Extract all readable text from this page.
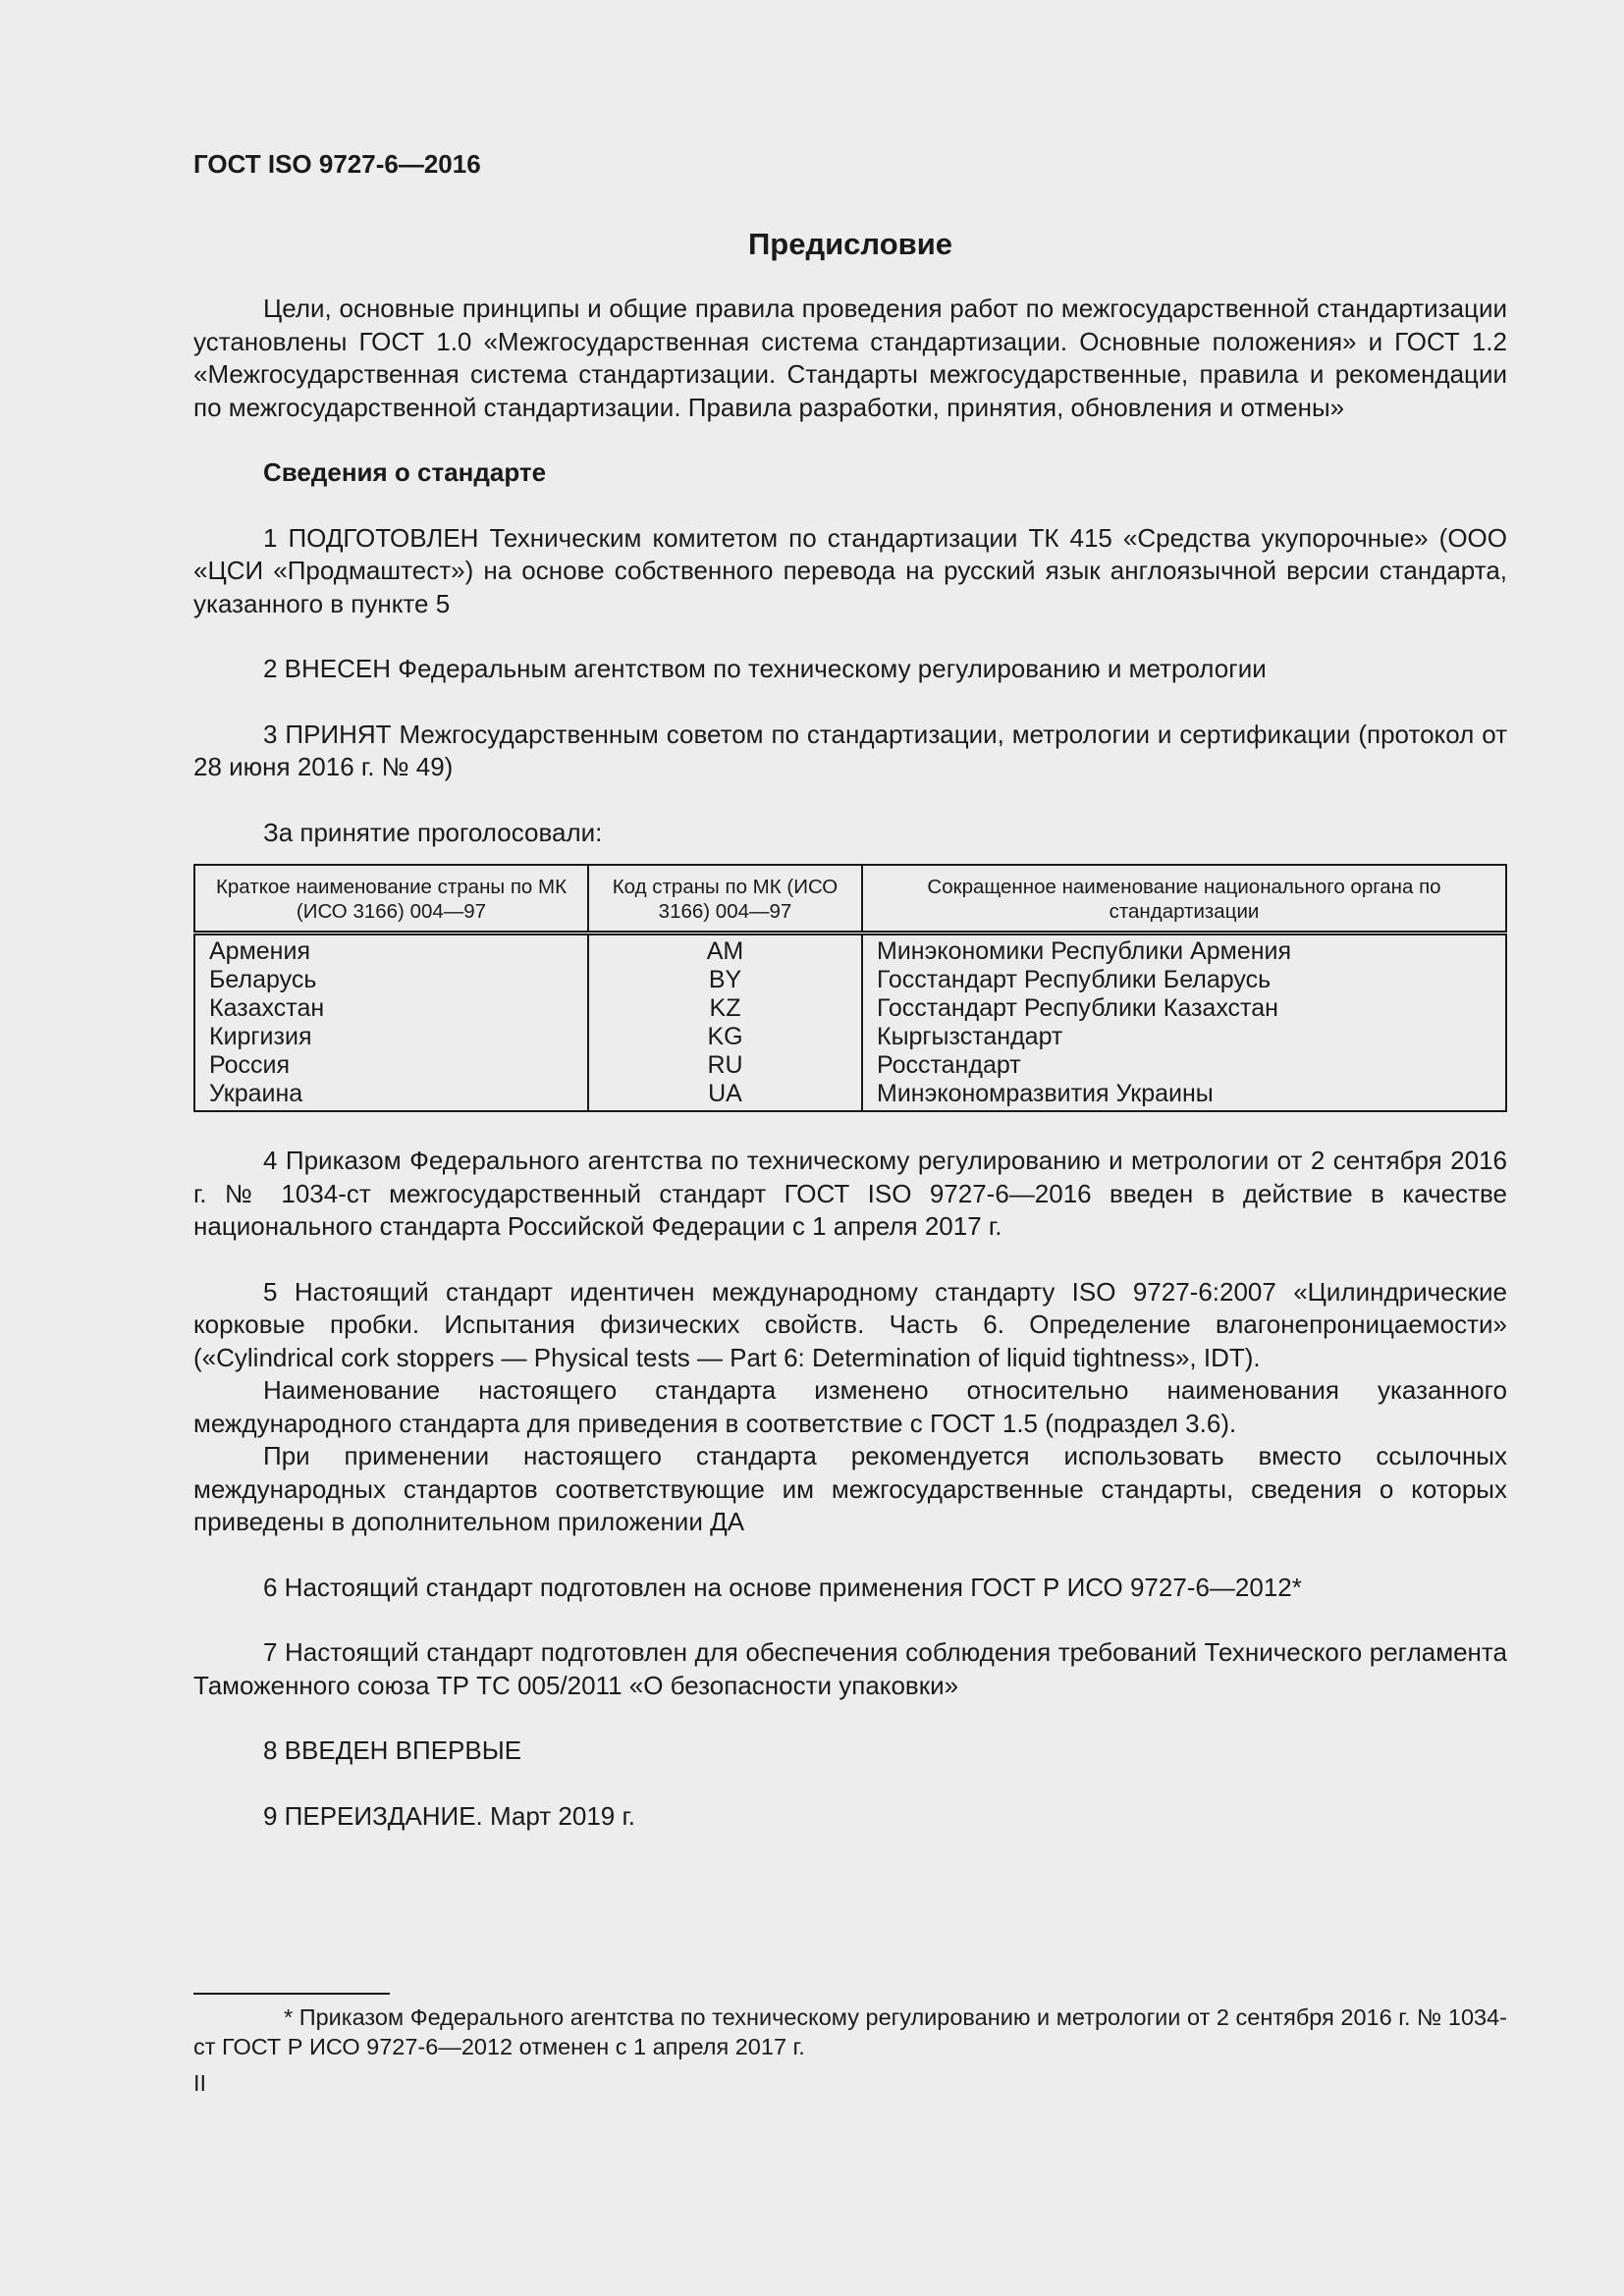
ГОСТ ISO 9727-6—2016
Предисловие

Цели, основные принципы и общие правила проведения работ по межгосударственной стандартизации установлены ГОСТ 1.0 «Межгосударственная система стандартизации. Основные положения» и ГОСТ 1.2 «Межгосударственная система стандартизации. Стандарты межгосударственные, правила и рекомендации по межгосударственной стандартизации. Правила разработки, принятия, обновления и отмены»

Сведения о стандарте

1 ПОДГОТОВЛЕН Техническим комитетом по стандартизации ТК 415 «Средства укупорочные» (ООО «ЦСИ «Продмаштест») на основе собственного перевода на русский язык англоязычной версии стандарта, указанного в пункте 5

2 ВНЕСЕН Федеральным агентством по техническому регулированию и метрологии

3 ПРИНЯТ Межгосударственным советом по стандартизации, метрологии и сертификации (протокол от 28 июня 2016 г. № 49)

За принятие проголосовали:
Краткое наименование страны по МК (ИСО 3166) 004—97	Код страны по МК (ИСО 3166) 004—97	Сокращенное наименование национального органа по стандартизации
Армения	AM	Минэкономики Республики Армения
Беларусь	BY	Госстандарт Республики Беларусь
Казахстан	KZ	Госстандарт Республики Казахстан
Киргизия	KG	Кыргызстандарт
Россия	RU	Росстандарт
Украина	UA	Минэкономразвития Украины

4 Приказом Федерального агентства по техническому регулированию и метрологии от 2 сентября 2016 г. № 1034-ст межгосударственный стандарт ГОСТ ISO 9727-6—2016 введен в действие в качестве национального стандарта Российской Федерации с 1 апреля 2017 г.

5 Настоящий стандарт идентичен международному стандарту ISO 9727-6:2007 «Цилиндрические корковые пробки. Испытания физических свойств. Часть 6. Определение влагонепроницаемости» («Cylindrical cork stoppers — Physical tests — Part 6: Determination of liquid tightness», IDT).

Наименование настоящего стандарта изменено относительно наименования указанного международного стандарта для приведения в соответствие с ГОСТ 1.5 (подраздел 3.6).

При применении настоящего стандарта рекомендуется использовать вместо ссылочных международных стандартов соответствующие им межгосударственные стандарты, сведения о которых приведены в дополнительном приложении ДА

6 Настоящий стандарт подготовлен на основе применения ГОСТ Р ИСО 9727-6—2012*

7 Настоящий стандарт подготовлен для обеспечения соблюдения требований Технического регламента Таможенного союза ТР ТС 005/2011 «О безопасности упаковки»

8 ВВЕДЕН ВПЕРВЫЕ

9 ПЕРЕИЗДАНИЕ. Март 2019 г.

* Приказом Федерального агентства по техническому регулированию и метрологии от 2 сентября 2016 г. № 1034-ст ГОСТ Р ИСО 9727-6—2012 отменен с 1 апреля 2017 г.

II
